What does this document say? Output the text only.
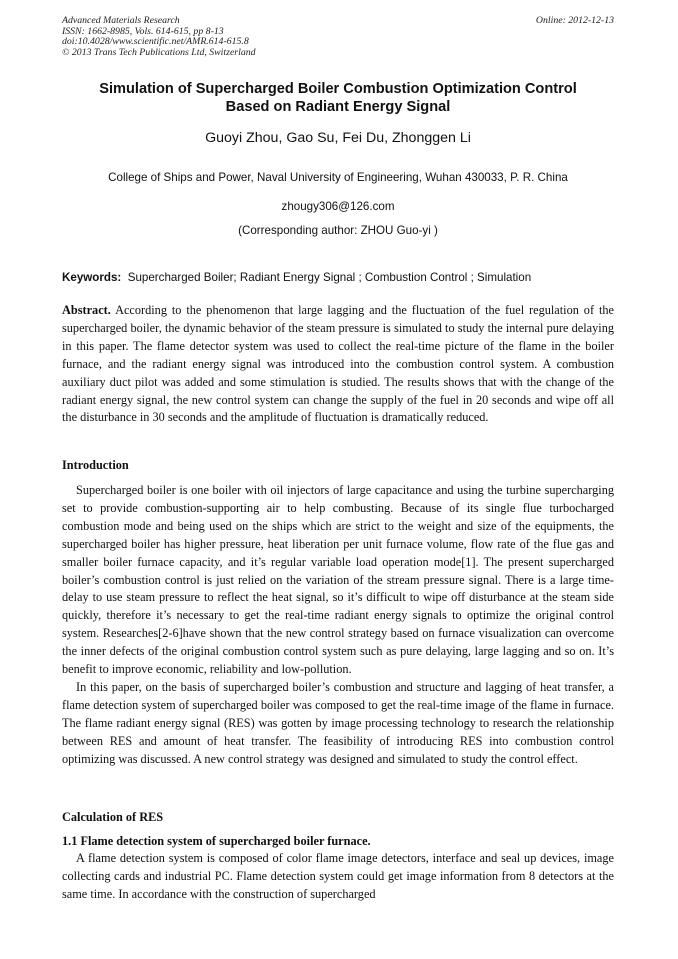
Advanced Materials Research
ISSN: 1662-8985, Vols. 614-615, pp 8-13
doi:10.4028/www.scientific.net/AMR.614-615.8
© 2013 Trans Tech Publications Ltd, Switzerland
Online: 2012-12-13
Simulation of Supercharged Boiler Combustion Optimization Control
Based on Radiant Energy Signal
Guoyi Zhou, Gao Su, Fei Du, Zhonggen Li
College of Ships and Power, Naval University of Engineering, Wuhan 430033, P. R. China
zhougy306@126.com
(Corresponding author: ZHOU Guo-yi )
Keywords: Supercharged Boiler; Radiant Energy Signal ; Combustion Control ; Simulation

Abstract. According to the phenomenon that large lagging and the fluctuation of the fuel regulation of the supercharged boiler, the dynamic behavior of the steam pressure is simulated to study the internal pure delaying in this paper. The flame detector system was used to collect the real-time picture of the flame in the boiler furnace, and the radiant energy signal was introduced into the combustion control system. A combustion auxiliary duct pilot was added and some stimulation is studied. The results shows that with the change of the radiant energy signal, the new control system can change the supply of the fuel in 20 seconds and wipe off all the disturbance in 30 seconds and the amplitude of fluctuation is dramatically reduced.

Introduction

Supercharged boiler is one boiler with oil injectors of large capacitance and using the turbine supercharging set to provide combustion-supporting air to help combusting. Because of its single flue turbocharged combustion mode and being used on the ships which are strict to the weight and size of the equipments, the supercharged boiler has higher pressure, heat liberation per unit furnace volume, flow rate of the flue gas and smaller boiler furnace capacity, and it’s regular variable load operation mode[1]. The present supercharged boiler’s combustion control is just relied on the variation of the stream pressure signal. There is a large time-delay to use steam pressure to reflect the heat signal, so it’s difficult to wipe off disturbance at the steam side quickly, therefore it’s necessary to get the real-time radiant energy signals to optimize the original control system. Researches[2-6]have shown that the new control strategy based on furnace visualization can overcome the inner defects of the original combustion control system such as pure delaying, large lagging and so on. It’s benefit to improve economic, reliability and low-pollution.

In this paper, on the basis of supercharged boiler’s combustion and structure and lagging of heat transfer, a flame detection system of supercharged boiler was composed to get the real-time image of the flame in furnace. The flame radiant energy signal (RES) was gotten by image processing technology to research the relationship between RES and amount of heat transfer. The feasibility of introducing RES into combustion control optimizing was discussed. A new control strategy was designed and simulated to study the control effect.

Calculation of RES
1.1 Flame detection system of supercharged boiler furnace.

A flame detection system is composed of color flame image detectors, interface and seal up devices, image collecting cards and industrial PC. Flame detection system could get image information from 8 detectors at the same time. In accordance with the construction of supercharged
